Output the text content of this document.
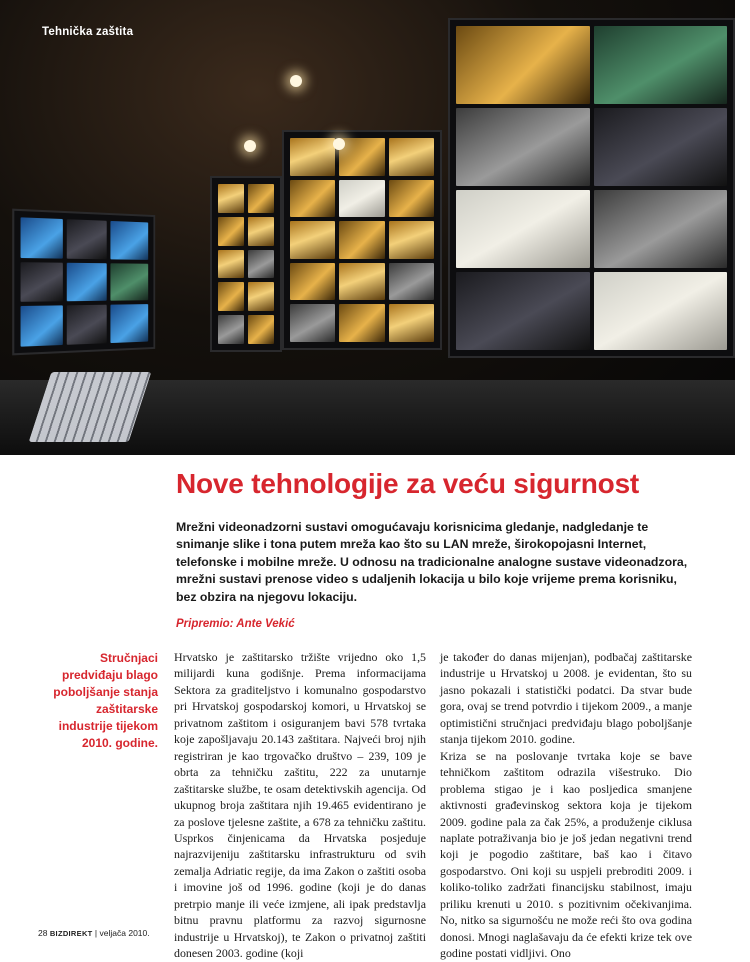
Tehnička zaštita
Nove tehnologije za veću sigurnost

Mrežni videonadzorni sustavi omogućavaju korisnicima gledanje, nadgledanje te snimanje slike i tona putem mreža kao što su LAN mreže, širokopojasni Internet, telefonske i mobilne mreže. U odnosu na tradicionalne analogne sustave videonadzora, mrežni sustavi prenose video s udaljenih lokacija u bilo koje vrijeme prema korisniku, bez obzira na njegovu lokaciju.

Pripremio: Ante Vekić

Stručnjaci predviđaju blago poboljšanje stanja zaštitarske industrije tijekom 2010. godine.

Hrvatsko je zaštitarsko tržište vrijedno oko 1,5 milijardi kuna godišnje. Prema informacijama Sektora za graditeljstvo i komunalno gospodarstvo pri Hrvatskoj gospodarskoj komori, u Hrvatskoj se privatnom zaštitom i osiguranjem bavi 578 tvrtaka koje zapošljavaju 20.143 zaštitara. Najveći broj njih registriran je kao trgovačko društvo – 239, 109 je obrta za tehničku zaštitu, 222 za unutarnje zaštitarske službe, te osam detektivskih agencija. Od ukupnog broja zaštitara njih 19.465 evidentirano je za poslove tjelesne zaštite, a 678 za tehničku zaštitu. Usprkos činjenicama da Hrvatska posjeduje najrazvijeniju zaštitarsku infrastrukturu od svih zemalja Adriatic regije, da ima Zakon o zaštiti osoba i imovine još od 1996. godine (koji je do danas pretrpio manje ili veće izmjene, ali ipak predstavlja bitnu pravnu platformu za razvoj sigurnosne industrije u Hrvatskoj), te Zakon o privatnoj zaštiti donesen 2003. godine (koji

je također do danas mijenjan), podbačaj zaštitarske industrije u Hrvatskoj u 2008. je evidentan, što su jasno pokazali i statistički podatci. Da stvar bude gora, ovaj se trend potvrdio i tijekom 2009., a manje optimistični stručnjaci predviđaju blago poboljšanje stanja tijekom 2010. godine.

Kriza se na poslovanje tvrtaka koje se bave tehničkom zaštitom odrazila višestruko. Dio problema stigao je i kao posljedica smanjene aktivnosti građevinskog sektora koja je tijekom 2009. godine pala za čak 25%, a produženje ciklusa naplate potraživanja bio je još jedan negativni trend koji je pogodio zaštitare, baš kao i čitavo gospodarstvo. Oni koji su uspjeli prebroditi 2009. i koliko-toliko zadržati financijsku stabilnost, imaju priliku krenuti u 2010. s pozitivnim očekivanjima. No, nitko sa sigurnošću ne može reći što ova godina donosi. Mnogi naglašavaju da će efekti krize tek ove godine postati vidljivi. Ono

28 BIZDIREKT | veljača 2010.
